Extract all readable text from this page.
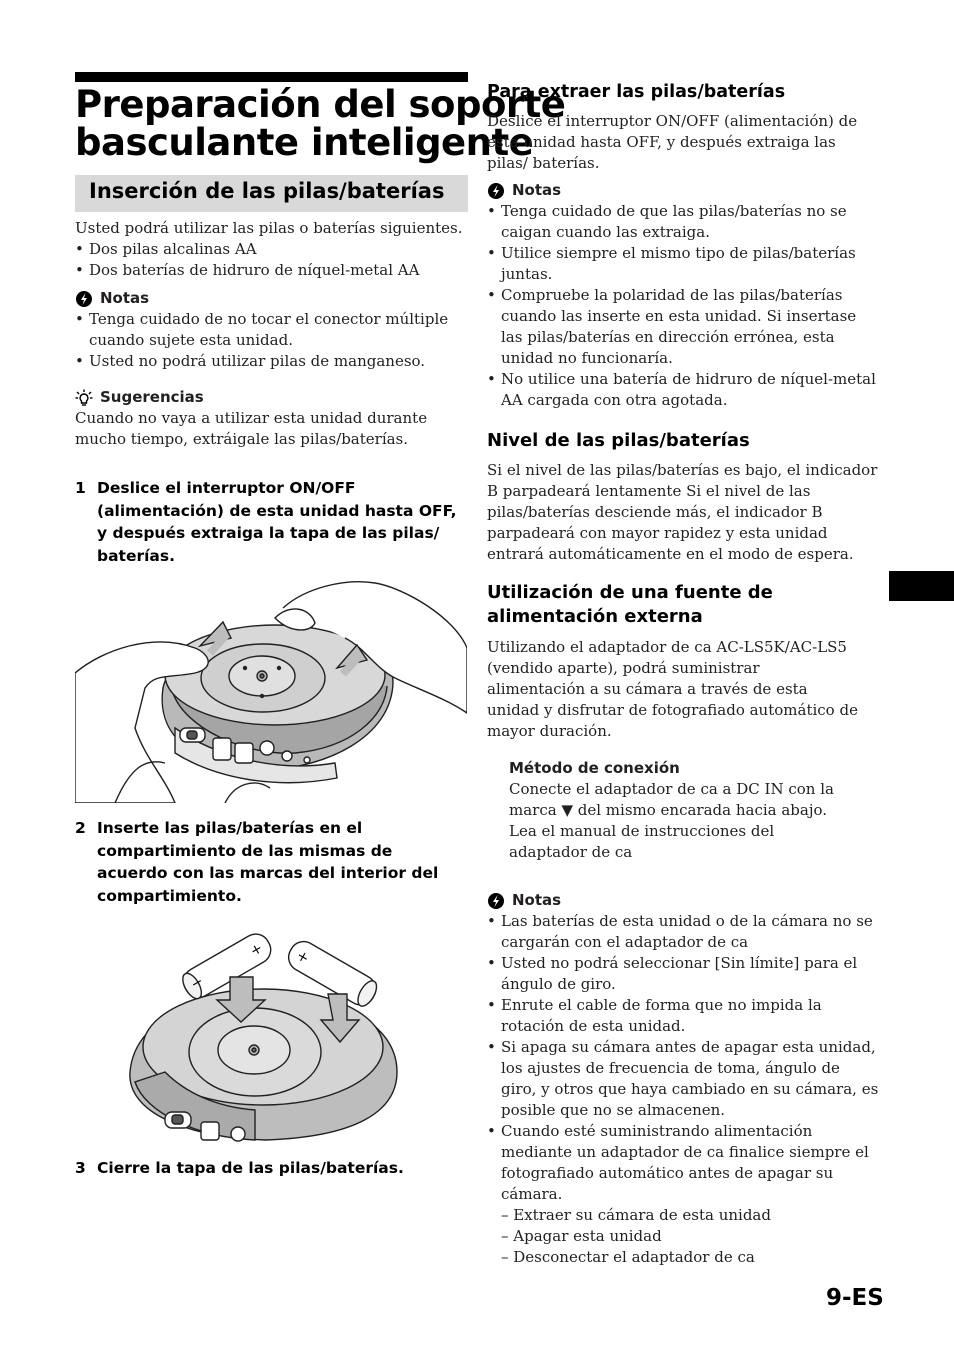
Preparación del soporte
basculante inteligente
Inserción de las pilas/baterías
Usted podrá utilizar las pilas o baterías siguientes.
• Dos pilas alcalinas AA
• Dos baterías de hidruro de níquel-metal AA
Notas
• Tenga cuidado de no tocar el conector múltiple cuando sujete esta unidad.
• Usted no podrá utilizar pilas de manganeso.
Sugerencias
Cuando no vaya a utilizar esta unidad durante mucho tiempo, extráigale las pilas/baterías.
1 Deslice el interruptor ON/OFF (alimentación) de esta unidad hasta OFF, y después extraiga la tapa de las pilas/ baterías.
2 Inserte las pilas/baterías en el compartimiento de las mismas de acuerdo con las marcas del interior del compartimiento.
+
−
+
3 Cierre la tapa de las pilas/baterías.
Para extraer las pilas/baterías
Deslice el interruptor ON/OFF (alimentación) de esta unidad hasta OFF, y después extraiga las pilas/ baterías.
Notas
• Tenga cuidado de que las pilas/baterías no se caigan cuando las extraiga.
• Utilice siempre el mismo tipo de pilas/baterías juntas.
• Compruebe la polaridad de las pilas/baterías cuando las inserte en esta unidad. Si insertase las pilas/baterías en dirección errónea, esta unidad no funcionaría.
• No utilice una batería de hidruro de níquel-metal AA cargada con otra agotada.
Nivel de las pilas/baterías
Si el nivel de las pilas/baterías es bajo, el indicador B parpadeará lentamente Si el nivel de las pilas/baterías desciende más, el indicador B parpadeará con mayor rapidez y esta unidad entrará automáticamente en el modo de espera.
Utilización de una fuente de
alimentación externa
Utilizando el adaptador de ca AC-LS5K/AC-LS5 (vendido aparte), podrá suministrar alimentación a su cámara a través de esta unidad y disfrutar de fotografiado automático de mayor duración.
Método de conexión
Conecte el adaptador de ca a DC IN con la marca ▼ del mismo encarada hacia abajo.
Lea el manual de instrucciones del adaptador de ca
Notas
• Las baterías de esta unidad o de la cámara no se cargarán con el adaptador de ca
• Usted no podrá seleccionar [Sin límite] para el ángulo de giro.
• Enrute el cable de forma que no impida la rotación de esta unidad.
• Si apaga su cámara antes de apagar esta unidad, los ajustes de frecuencia de toma, ángulo de giro, y otros que haya cambiado en su cámara, es posible que no se almacenen.
• Cuando esté suministrando alimentación mediante un adaptador de ca finalice siempre el fotografiado automático antes de apagar su cámara.
– Extraer su cámara de esta unidad
– Apagar esta unidad
– Desconectar el adaptador de ca
9-ES
